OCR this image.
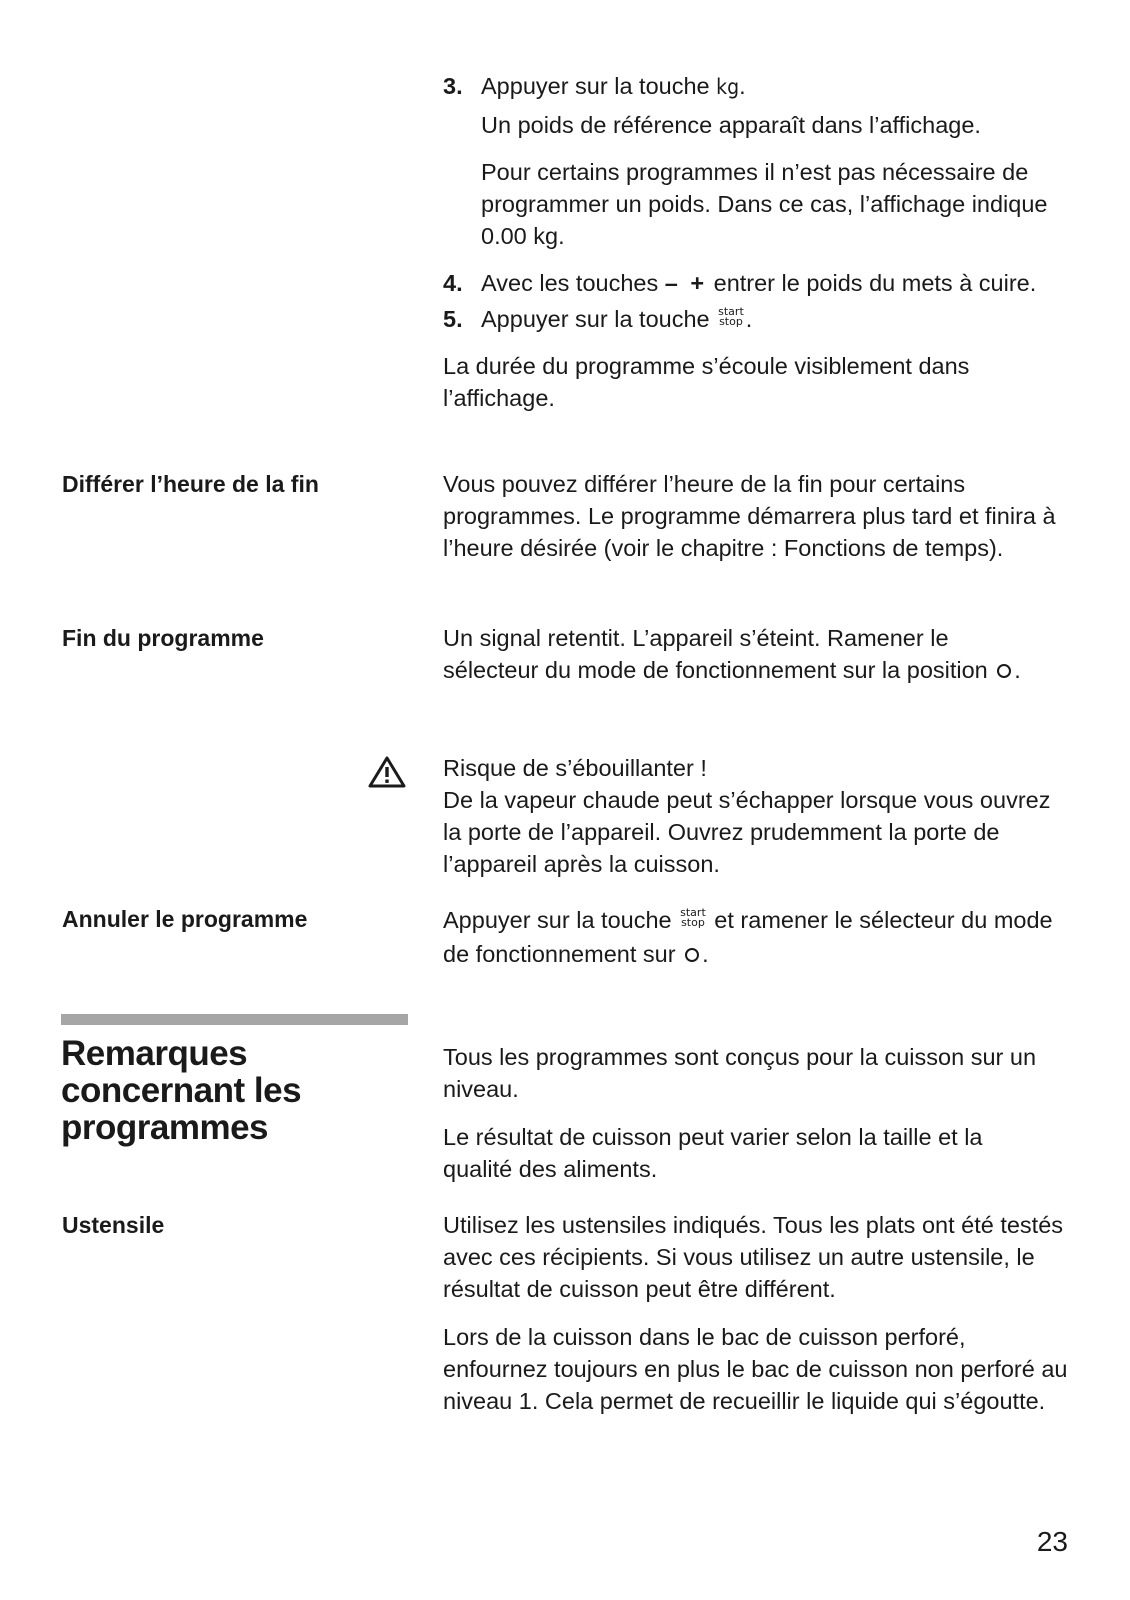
3. Appuyer sur la touche kg.

Un poids de référence apparaît dans l’affichage.

Pour certains programmes il n’est pas nécessaire de programmer un poids. Dans ce cas, l’affichage indique 0.00 kg.

4. Avec les touches – + entrer le poids du mets à cuire.

5. Appuyer sur la touche start
stop .

La durée du programme s’écoule visiblement dans l’affichage.

Différer l’heure de la fin	Vous pouvez différer l’heure de la fin pour certains programmes. Le programme démarrera plus tard et finira à l’heure désirée (voir le chapitre : Fonctions de temps).

Fin du programme	Un signal retentit. L’appareil s’éteint. Ramener le sélecteur du mode de fonctionnement sur la position .

Risque de s’ébouillanter !

De la vapeur chaude peut s’échapper lorsque vous ouvrez la porte de l’appareil. Ouvrez prudemment la porte de l’appareil après la cuisson.

Annuler le programme	Appuyer sur la touche start
stop et ramener le sélecteur du mode de fonctionnement sur .

Remarques
concernant les
programmes

Tous les programmes sont conçus pour la cuisson sur un niveau.

Le résultat de cuisson peut varier selon la taille et la qualité des aliments.

Ustensile	Utilisez les ustensiles indiqués. Tous les plats ont été testés avec ces récipients. Si vous utilisez un autre ustensile, le résultat de cuisson peut être différent.

Lors de la cuisson dans le bac de cuisson perforé, enfournez toujours en plus le bac de cuisson non perforé au niveau 1. Cela permet de recueillir le liquide qui s’égoutte.

23
